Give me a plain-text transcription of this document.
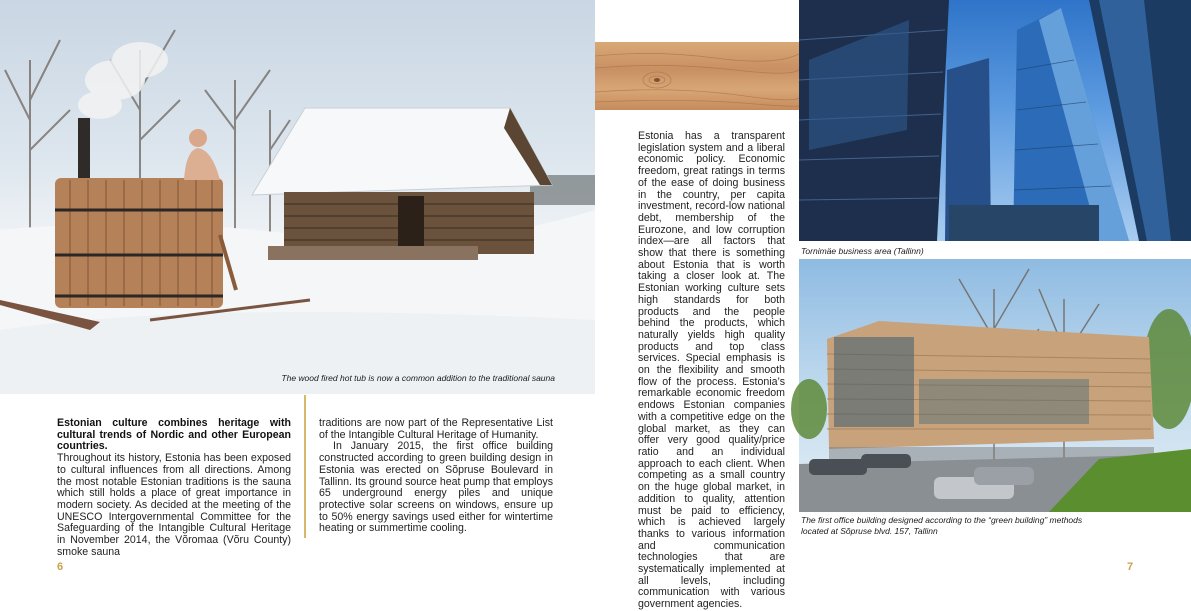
The wood fired hot tub is now a common addition to the traditional sauna
Estonian culture combines heritage with cultural trends of Nordic and other European countries.
Throughout its history, Estonia has been exposed to cultural influences from all directions. Among the most notable Estonian traditions is the sauna which still holds a place of great importance in modern society. As decided at the meeting of the UNESCO Intergovernmental Committee for the Safeguarding of the Intangible Cultural Heritage in November 2014, the Võromaa (Võru County) smoke sauna
traditions are now part of the Representative List of the Intangible Cultural Heritage of Humanity.
In January 2015, the first office building constructed according to green building design in Estonia was erected on Sõpruse Boulevard in Tallinn. Its ground source heat pump that employs 65 underground energy piles and unique protective solar screens on windows, ensure up to 50% energy savings used either for wintertime heating or summertime cooling.
6
Estonia has a transparent legislation system and a liberal economic policy. Economic freedom, great ratings in terms of the ease of doing business in the country, per capita investment, record-low national debt, membership of the Eurozone, and low corruption index—are all factors that show that there is something about Estonia that is worth taking a closer look at. The Estonian working culture sets high standards for both products and the people behind the products, which naturally yields high quality products and top class services. Special emphasis is on the flexibility and smooth flow of the process. Estonia’s remarkable economic freedom endows Estonian companies with a competitive edge on the global market, as they can offer very good quality/price ratio and an individual approach to each client. When competing as a small country on the huge global market, in addition to quality, attention must be paid to efficiency, which is achieved largely thanks to various information and communication technologies that are systematically implemented at all levels, including communication with various government agencies.
Tornimäe business area (Tallinn)
The first office building designed according to the “green building” methods located at Sõpruse blvd. 157, Tallinn
7
